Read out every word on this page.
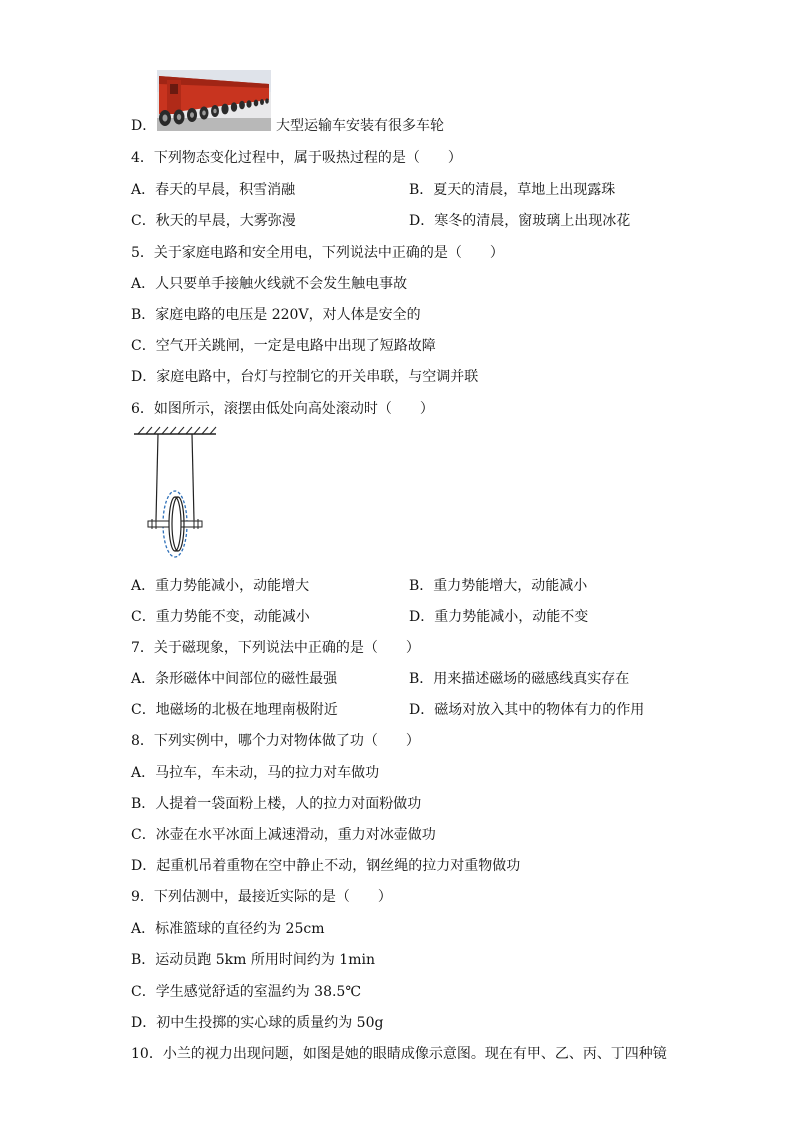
D．	大型运输车安装有很多车轮
4．下列物态变化过程中，属于吸热过程的是（　　）
A．春天的早晨，积雪消融	B．夏天的清晨，草地上出现露珠
C．秋天的早晨，大雾弥漫	D．寒冬的清晨，窗玻璃上出现冰花
5．关于家庭电路和安全用电，下列说法中正确的是（　　）
A．人只要单手接触火线就不会发生触电事故
B．家庭电路的电压是 220V，对人体是安全的
C．空气开关跳闸，一定是电路中出现了短路故障
D．家庭电路中，台灯与控制它的开关串联，与空调并联
6．如图所示，滚摆由低处向高处滚动时（　　）
A．重力势能减小，动能增大	B．重力势能增大，动能减小
C．重力势能不变，动能减小	D．重力势能减小，动能不变
7．关于磁现象，下列说法中正确的是（　　）
A．条形磁体中间部位的磁性最强	B．用来描述磁场的磁感线真实存在
C．地磁场的北极在地理南极附近	D．磁场对放入其中的物体有力的作用
8．下列实例中，哪个力对物体做了功（　　）
A．马拉车，车未动，马的拉力对车做功
B．人提着一袋面粉上楼，人的拉力对面粉做功
C．冰壶在水平冰面上减速滑动，重力对冰壶做功
D．起重机吊着重物在空中静止不动，钢丝绳的拉力对重物做功
9．下列估测中，最接近实际的是（　　）
A．标准篮球的直径约为 25cm
B．运动员跑 5km 所用时间约为 1min
C．学生感觉舒适的室温约为 38.5℃
D．初中生投掷的实心球的质量约为 50g
10．小兰的视力出现问题，如图是她的眼睛成像示意图。现在有甲、乙、丙、丁四种镜
